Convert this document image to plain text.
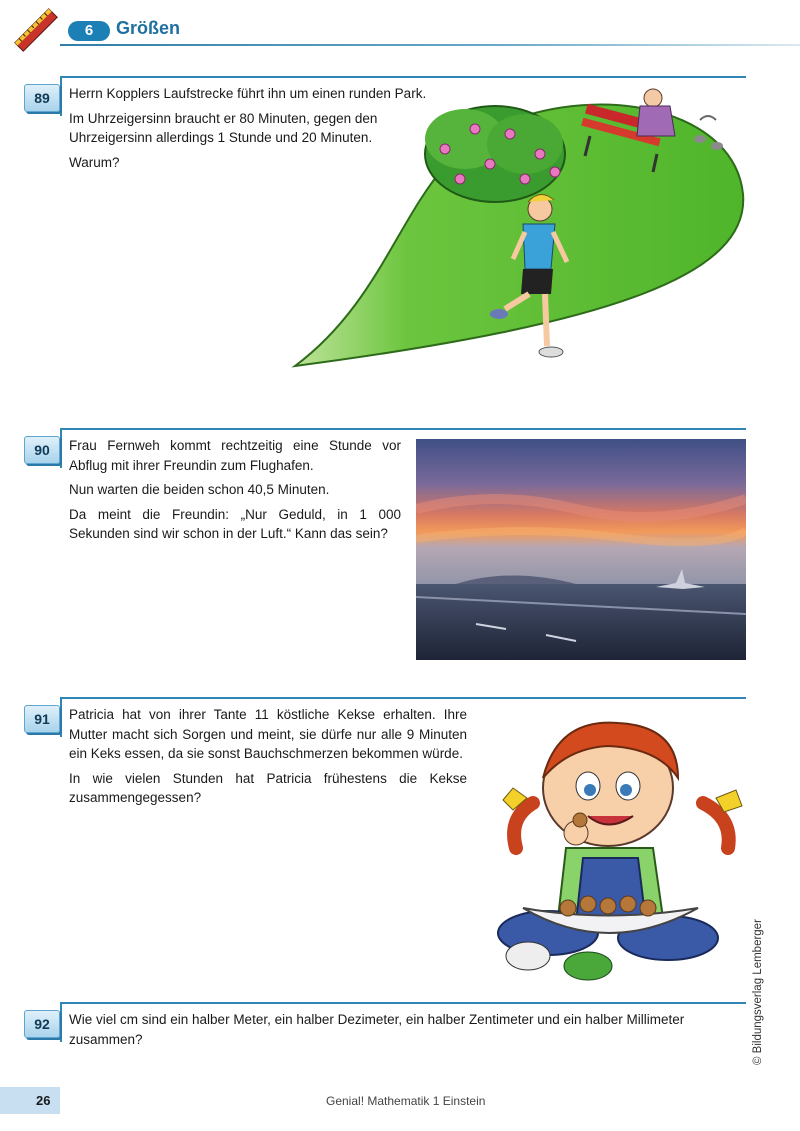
6	Größen
89	Herrn Kopplers Laufstrecke führt ihn um einen runden Park.

Im Uhrzeigersinn braucht er 80 Minuten, gegen den Uhrzeigersinn allerdings 1 Stunde und 20 Minuten.

Warum?

90	Frau Fernweh kommt rechtzeitig eine Stunde vor Abflug mit ihrer Freundin zum Flughafen.

Nun warten die beiden schon 40,5 Minuten.

Da meint die Freundin: „Nur Geduld, in 1 000 Sekunden sind wir schon in der Luft.“ Kann das sein?

91	Patricia hat von ihrer Tante 11 köstliche Kekse erhalten. Ihre Mutter macht sich Sorgen und meint, sie dürfe nur alle 9 Minuten ein Keks essen, da sie sonst Bauchschmerzen bekommen würde.

In wie vielen Stunden hat Patricia frühestens die Kekse zusammengegessen?

92	Wie viel cm sind ein halber Meter, ein halber Dezimeter, ein halber Zentimeter und ein halber Millimeter zusammen?

26	Genial! Mathematik 1 Einstein
© Bildungsverlag Lemberger
